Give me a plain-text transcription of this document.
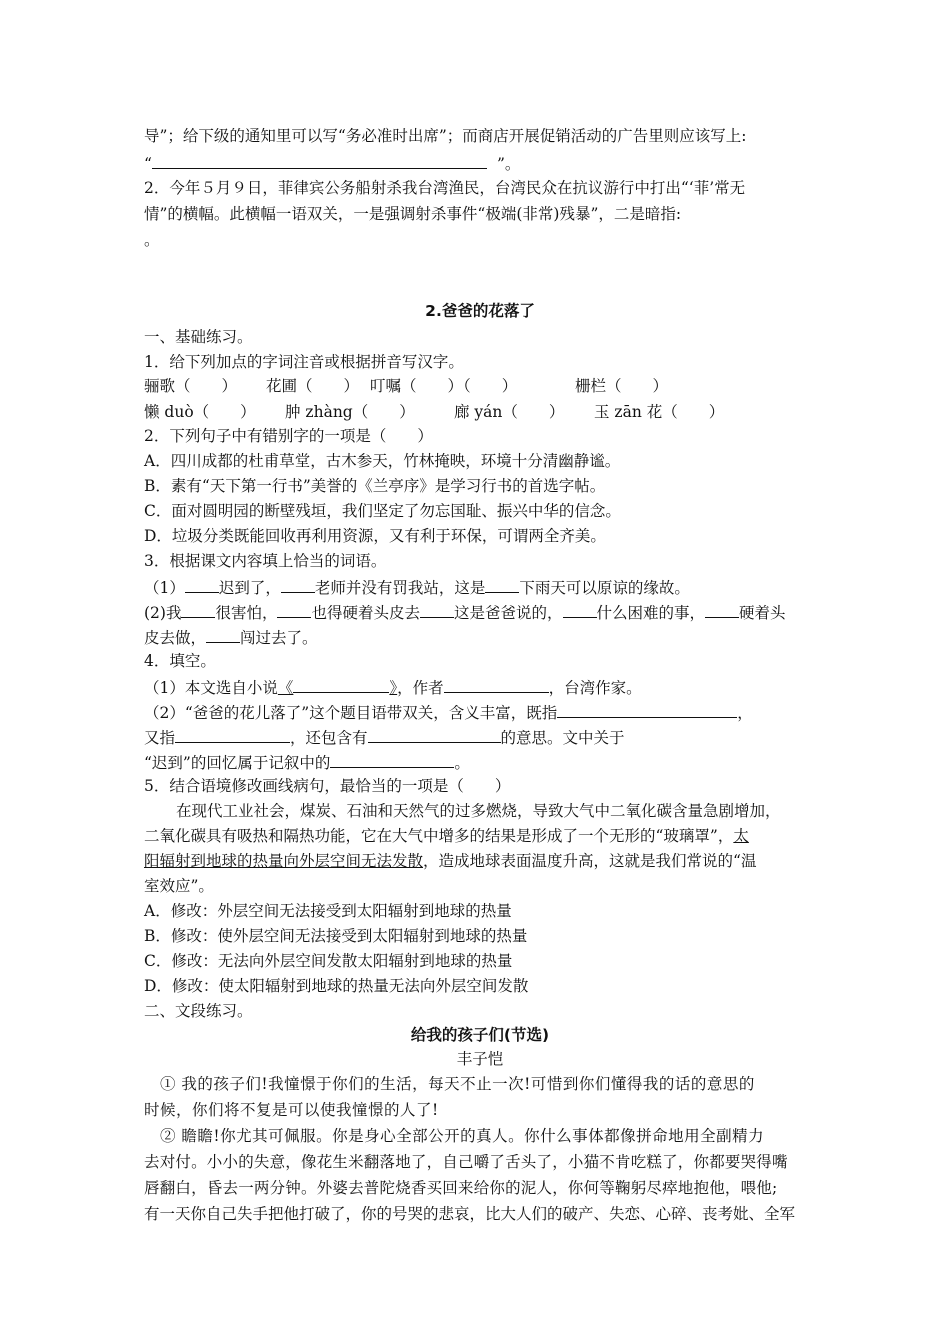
导”；给下级的通知里可以写“务必准时出席”；而商店开展促销活动的广告里则应该写上:
“	”。
2．今年５月９日，菲律宾公务船射杀我台湾渔民，台湾民众在抗议游行中打出“‘菲’常无
情”的横幅。此横幅一语双关，一是强调射杀事件“极端(非常)残暴”，二是暗指:
。
2.爸爸的花落了
一、基础练习。
1．给下列加点的字词注音或根据拼音写汉字。
骊歌（　　） 花圃（　　） 叮嘱（　　）（　　）	栅栏（　　）
懒 duò（　　） 肿 zhàng（　　）	廊 yán（　　） 玉 zān 花（　　）
2．下列句子中有错别字的一项是（　　）
A．四川成都的杜甫草堂，古木参天，竹林掩映，环境十分清幽静谧。
B．素有“天下第一行书”美誉的《兰亭序》是学习行书的首选字帖。
C．面对圆明园的断壁残垣，我们坚定了勿忘国耻、振兴中华的信念。
D．垃圾分类既能回收再利用资源，又有利于环保，可谓两全齐美。
3．根据课文内容填上恰当的词语。
（1） 迟到了， 老师并没有罚我站，这是 下雨天可以原谅的缘故。
(2)我 很害怕， 也得硬着头皮去 这是爸爸说的， 什么困难的事， 硬着头
皮去做， 闯过去了。
4．填空。
（1）本文选自小说《	》，作者	，台湾作家。
（2）“爸爸的花儿落了”这个题目语带双关，含义丰富，既指	，
又指	，还包含有	的意思。文中关于
“迟到”的回忆属于记叙中的	。
5．结合语境修改画线病句，最恰当的一项是（　　）
在现代工业社会，煤炭、石油和天然气的过多燃烧，导致大气中二氧化碳含量急剧增加，
二氧化碳具有吸热和隔热功能，它在大气中增多的结果是形成了一个无形的“玻璃罩”，太
阳辐射到地球的热量向外层空间无法发散，造成地球表面温度升高，这就是我们常说的“温
室效应”。
A．修改：外层空间无法接受到太阳辐射到地球的热量
B．修改：使外层空间无法接受到太阳辐射到地球的热量
C．修改：无法向外层空间发散太阳辐射到地球的热量
D．修改：使太阳辐射到地球的热量无法向外层空间发散
二、文段练习。
给我的孩子们(节选)
丰子恺
① 我的孩子们!我憧憬于你们的生活，每天不止一次!可惜到你们懂得我的话的意思的
时候，你们将不复是可以使我憧憬的人了!
② 瞻瞻!你尤其可佩服。你是身心全部公开的真人。你什么事体都像拼命地用全副精力
去对付。小小的失意，像花生米翻落地了，自己嚼了舌头了，小猫不肯吃糕了，你都要哭得嘴
唇翻白，昏去一两分钟。外婆去普陀烧香买回来给你的泥人，你何等鞠躬尽瘁地抱他，喂他;
有一天你自己失手把他打破了，你的号哭的悲哀，比大人们的破产、失恋、心碎、丧考妣、全军
